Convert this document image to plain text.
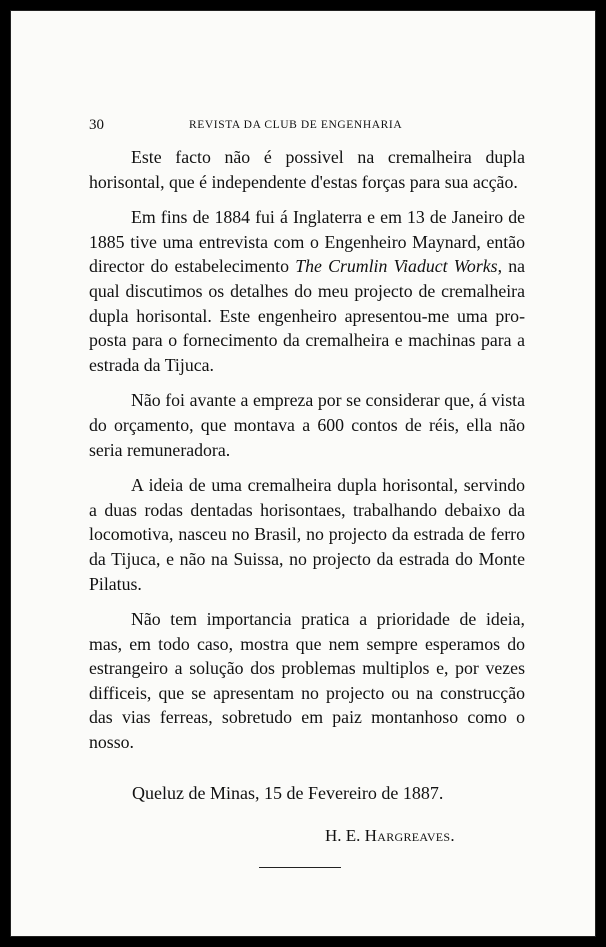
30	REVISTA DA CLUB DE ENGENHARIA

Este facto não é possivel na cremalheira dupla horisontal, que é independente d'estas forças para sua acção.

Em fins de 1884 fui á Inglaterra e em 13 de Janeiro de 1885 tive uma entrevista com o Engenheiro Maynard, então director do estabelecimento The Crumlin Viaduct Works, na qual discutimos os detalhes do meu projecto de cremalheira dupla horisontal. Este engenheiro apresentou-me uma proposta para o fornecimento da cremalheira e machinas para a estrada da Tijuca.

Não foi avante a empreza por se considerar que, á vista do orçamento, que montava a 600 contos de réis, ella não seria remuneradora.

A ideia de uma cremalheira dupla horisontal, servindo a duas rodas dentadas horisontaes, trabalhando debaixo da locomotiva, nasceu no Brasil, no projecto da estrada de ferro da Tijuca, e não na Suissa, no projecto da estrada do Monte Pilatus.

Não tem importancia pratica a prioridade de ideia, mas, em todo caso, mostra que nem sempre esperamos do estrangeiro a solução dos problemas multiplos e, por vezes difficeis, que se apresentam no projecto ou na construcção das vias ferreas, sobretudo em paiz montanhoso como o nosso.

Queluz de Minas, 15 de Fevereiro de 1887.
H. E. Hargreaves.
